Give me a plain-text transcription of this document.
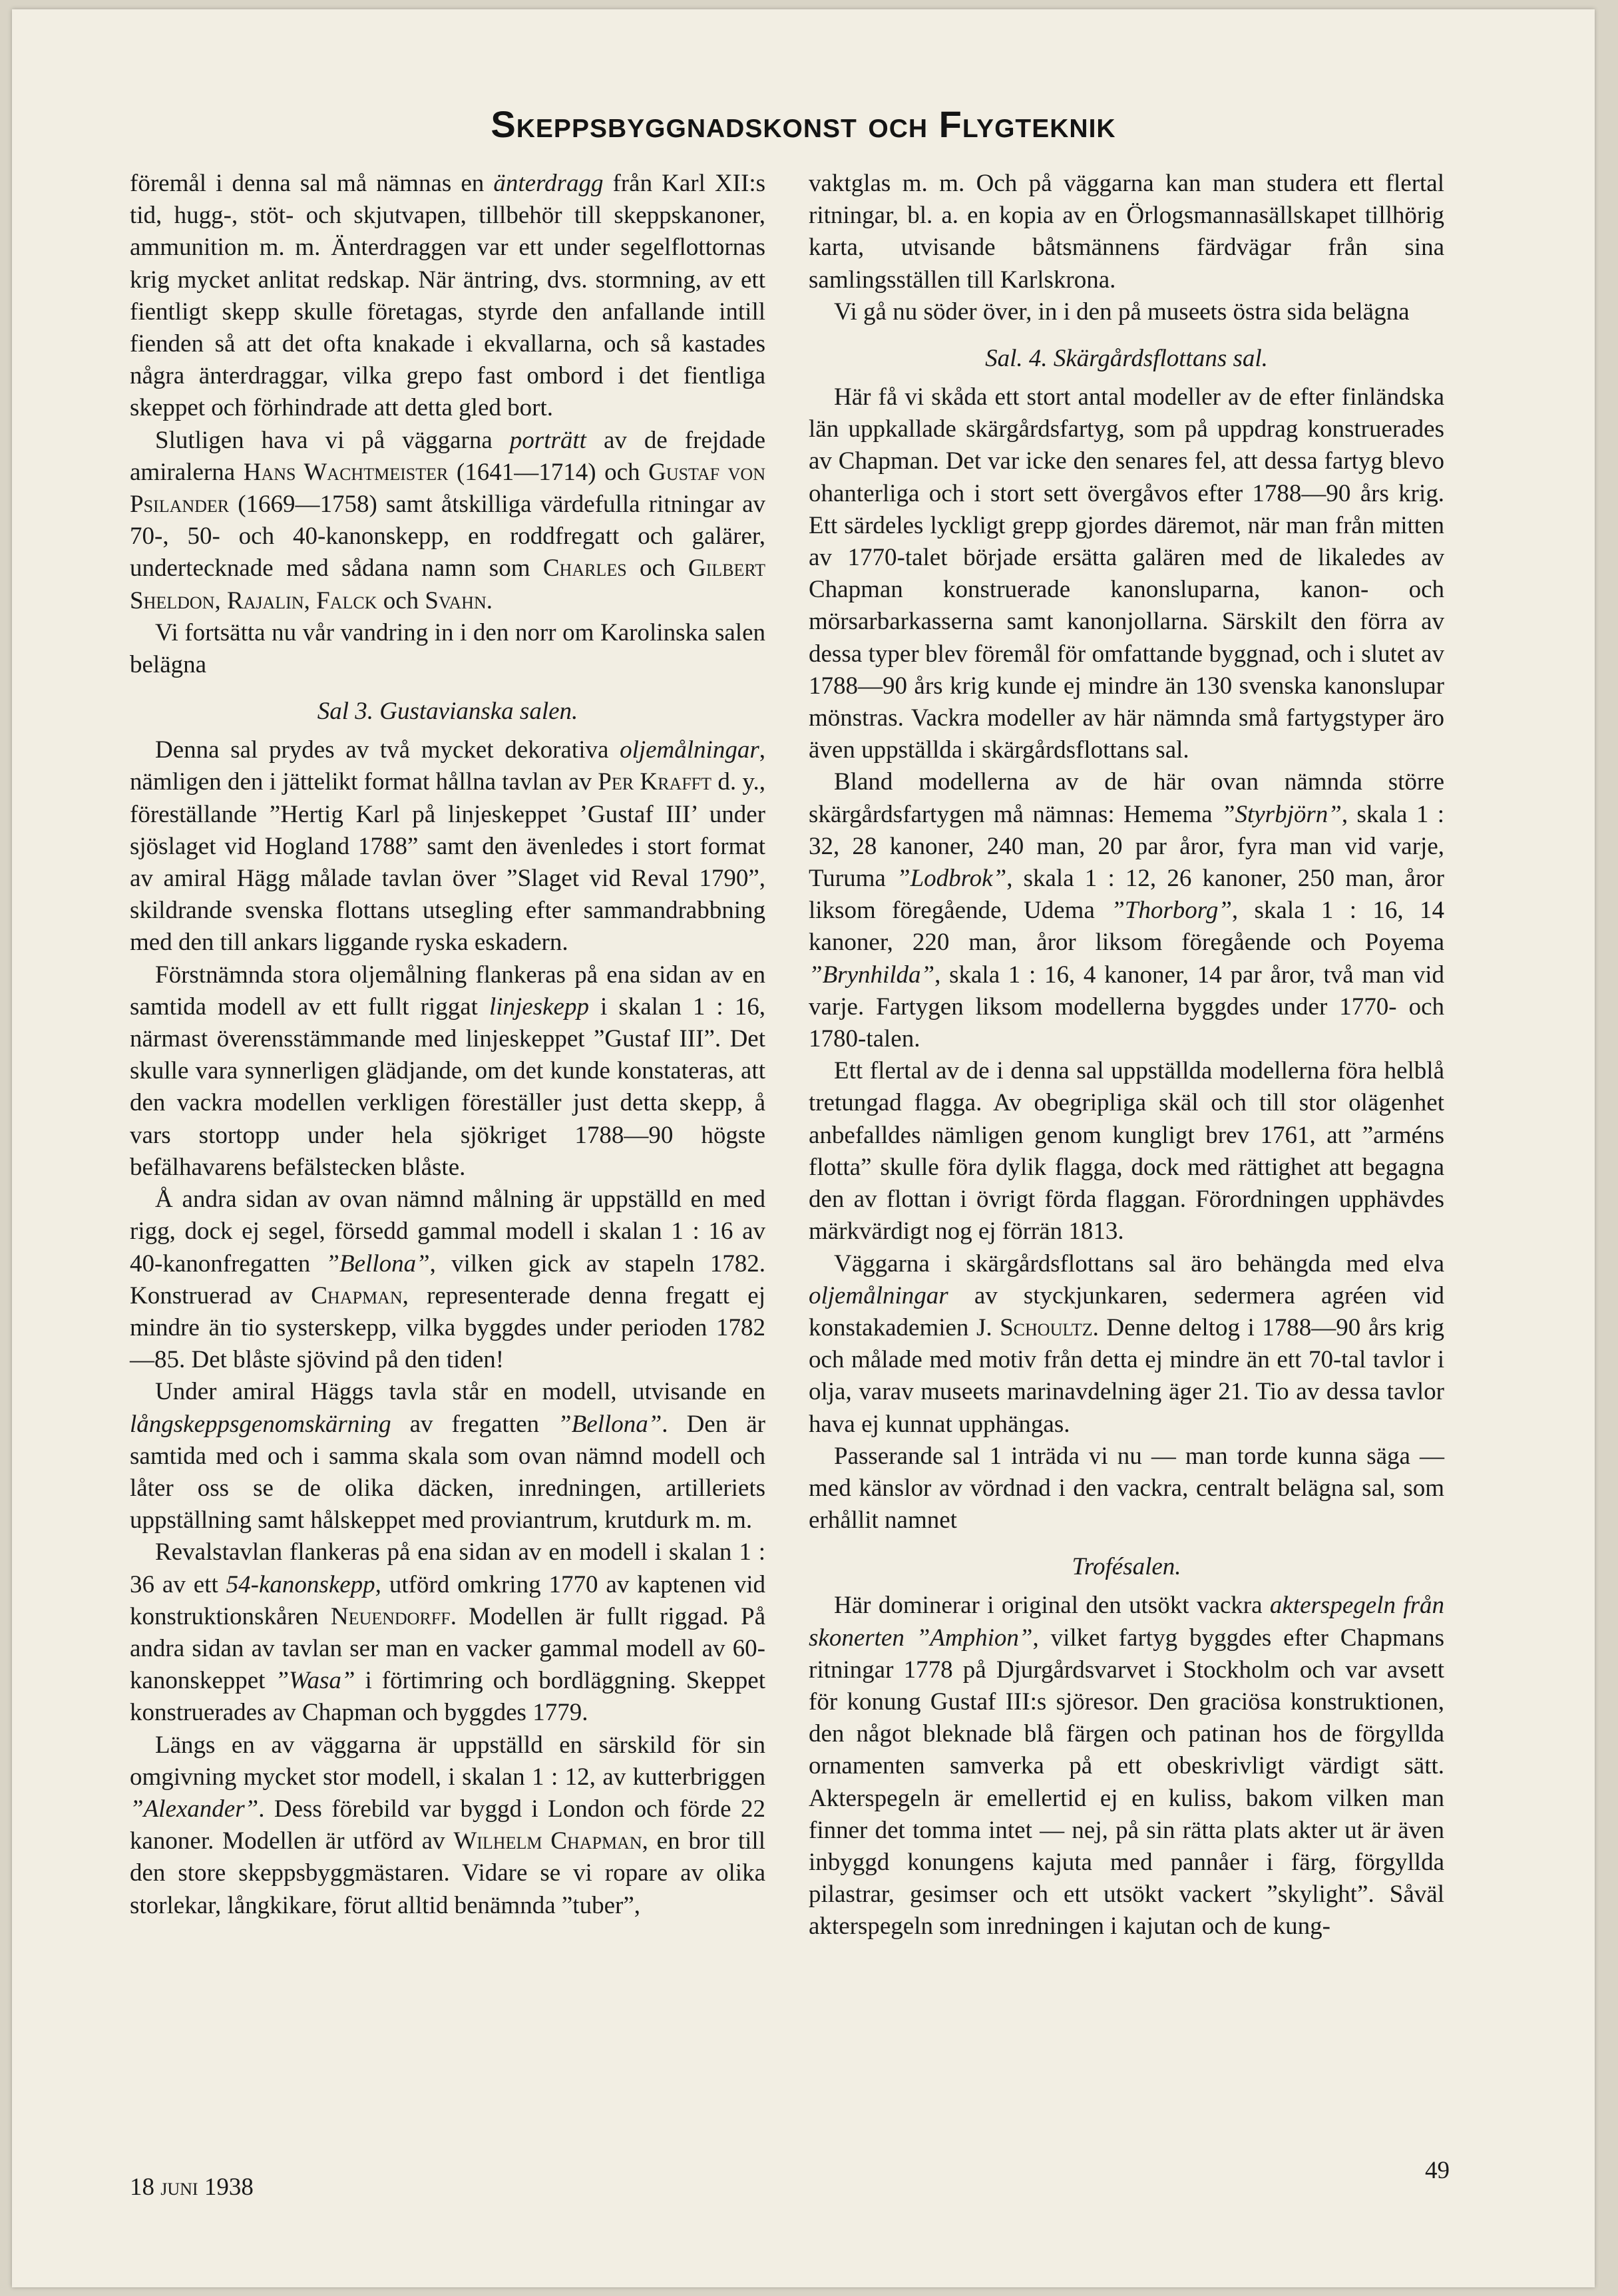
Skeppsbyggnadskonst och Flygteknik

föremål i denna sal må nämnas en änterdragg från Karl XII:s tid, hugg-, stöt- och skjutvapen, tillbehör till skeppskanoner, ammunition m. m. Änterdraggen var ett under segelflottornas krig mycket anlitat redskap. När äntring, dvs. stormning, av ett fientligt skepp skulle företagas, styrde den anfallande intill fienden så att det ofta knakade i ekvallarna, och så kastades några änterdraggar, vilka grepo fast ombord i det fientliga skeppet och förhindrade att detta gled bort.

Slutligen hava vi på väggarna porträtt av de frejdade amiralerna Hans Wachtmeister (1641—1714) och Gustaf von Psilander (1669—1758) samt åtskilliga värdefulla ritningar av 70-, 50- och 40-kanonskepp, en roddfregatt och galärer, undertecknade med sådana namn som Charles och Gilbert Sheldon, Rajalin, Falck och Svahn.

Vi fortsätta nu vår vandring in i den norr om Karolinska salen belägna

Sal 3. Gustavianska salen.

Denna sal prydes av två mycket dekorativa oljemålningar, nämligen den i jättelikt format hållna tavlan av Per Krafft d. y., föreställande ”Hertig Karl på linjeskeppet ’Gustaf III’ under sjöslaget vid Hogland 1788” samt den ävenledes i stort format av amiral Hägg målade tavlan över ”Slaget vid Reval 1790”, skildrande svenska flottans utsegling efter sammandrabbning med den till ankars liggande ryska eskadern.

Förstnämnda stora oljemålning flankeras på ena sidan av en samtida modell av ett fullt riggat linjeskepp i skalan 1 : 16, närmast överensstämmande med linjeskeppet ”Gustaf III”. Det skulle vara synnerligen glädjande, om det kunde konstateras, att den vackra modellen verkligen föreställer just detta skepp, å vars stortopp under hela sjökriget 1788—90 högste befälhavarens befälstecken blåste.

Å andra sidan av ovan nämnd målning är uppställd en med rigg, dock ej segel, försedd gammal modell i skalan 1 : 16 av 40-kanonfregatten ”Bellona”, vilken gick av stapeln 1782. Konstruerad av Chapman, representerade denna fregatt ej mindre än tio systerskepp, vilka byggdes under perioden 1782—85. Det blåste sjövind på den tiden!

Under amiral Häggs tavla står en modell, utvisande en långskeppsgenomskärning av fregatten ”Bellona”. Den är samtida med och i samma skala som ovan nämnd modell och låter oss se de olika däcken, inredningen, artilleriets uppställning samt hålskeppet med proviantrum, krutdurk m. m.

Revalstavlan flankeras på ena sidan av en modell i skalan 1 : 36 av ett 54-kanonskepp, utförd omkring 1770 av kaptenen vid konstruktionskåren Neuendorff. Modellen är fullt riggad. På andra sidan av tavlan ser man en vacker gammal modell av 60-kanonskeppet ”Wasa” i förtimring och bordläggning. Skeppet konstruerades av Chapman och byggdes 1779.

Längs en av väggarna är uppställd en särskild för sin omgivning mycket stor modell, i skalan 1 : 12, av kutterbriggen ”Alexander”. Dess förebild var byggd i London och förde 22 kanoner. Modellen är utförd av Wilhelm Chapman, en bror till den store skeppsbyggmästaren. Vidare se vi ropare av olika storlekar, långkikare, förut alltid benämnda ”tuber”,

vaktglas m. m. Och på väggarna kan man studera ett flertal ritningar, bl. a. en kopia av en Örlogsmannasällskapet tillhörig karta, utvisande båtsmännens färdvägar från sina samlingsställen till Karlskrona.

Vi gå nu söder över, in i den på museets östra sida belägna

Sal. 4. Skärgårdsflottans sal.

Här få vi skåda ett stort antal modeller av de efter finländska län uppkallade skärgårdsfartyg, som på uppdrag konstruerades av Chapman. Det var icke den senares fel, att dessa fartyg blevo ohanterliga och i stort sett övergåvos efter 1788—90 års krig. Ett särdeles lyckligt grepp gjordes däremot, när man från mitten av 1770-talet började ersätta galären med de likaledes av Chapman konstruerade kanonsluparna, kanon- och mörsarbarkasserna samt kanonjollarna. Särskilt den förra av dessa typer blev föremål för omfattande byggnad, och i slutet av 1788—90 års krig kunde ej mindre än 130 svenska kanonslupar mönstras. Vackra modeller av här nämnda små fartygstyper äro även uppställda i skärgårdsflottans sal.

Bland modellerna av de här ovan nämnda större skärgårdsfartygen må nämnas: Hemema ”Styrbjörn”, skala 1 : 32, 28 kanoner, 240 man, 20 par åror, fyra man vid varje, Turuma ”Lodbrok”, skala 1 : 12, 26 kanoner, 250 man, åror liksom föregående, Udema ”Thorborg”, skala 1 : 16, 14 kanoner, 220 man, åror liksom föregående och Poyema ”Brynhilda”, skala 1 : 16, 4 kanoner, 14 par åror, två man vid varje. Fartygen liksom modellerna byggdes under 1770- och 1780-talen.

Ett flertal av de i denna sal uppställda modellerna föra helblå tretungad flagga. Av obegripliga skäl och till stor olägenhet anbefalldes nämligen genom kungligt brev 1761, att ”arméns flotta” skulle föra dylik flagga, dock med rättighet att begagna den av flottan i övrigt förda flaggan. Förordningen upphävdes märkvärdigt nog ej förrän 1813.

Väggarna i skärgårdsflottans sal äro behängda med elva oljemålningar av styckjunkaren, sedermera agréen vid konstakademien J. Schoultz. Denne deltog i 1788—90 års krig och målade med motiv från detta ej mindre än ett 70-tal tavlor i olja, varav museets marinavdelning äger 21. Tio av dessa tavlor hava ej kunnat upphängas.

Passerande sal 1 inträda vi nu — man torde kunna säga — med känslor av vördnad i den vackra, centralt belägna sal, som erhållit namnet

Trofésalen.

Här dominerar i original den utsökt vackra akterspegeln från skonerten ”Amphion”, vilket fartyg byggdes efter Chapmans ritningar 1778 på Djurgårdsvarvet i Stockholm och var avsett för konung Gustaf III:s sjöresor. Den graciösa konstruktionen, den något bleknade blå färgen och patinan hos de förgyllda ornamenten samverka på ett obeskrivligt värdigt sätt. Akterspegeln är emellertid ej en kuliss, bakom vilken man finner det tomma intet — nej, på sin rätta plats akter ut är även inbyggd konungens kajuta med pannåer i färg, förgyllda pilastrar, gesimser och ett utsökt vackert ”skylight”. Såväl akterspegeln som inredningen i kajutan och de kung-

18 juni 1938
49
